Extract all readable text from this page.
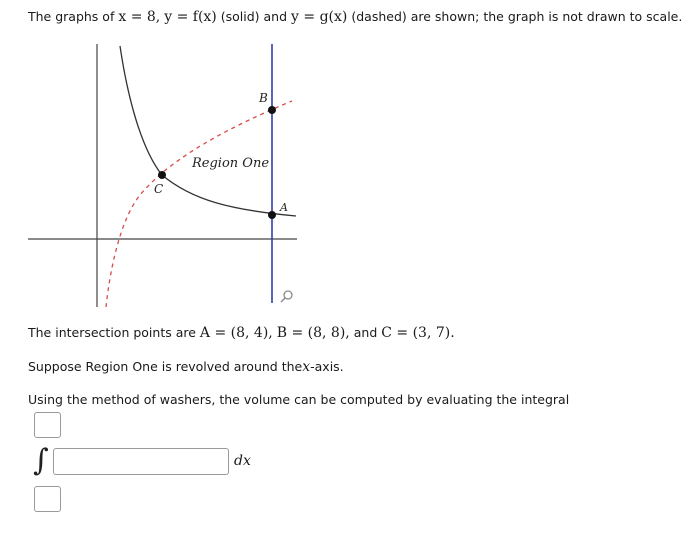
The graphs of x = 8, y = f(x) (solid) and y = g(x) (dashed) are shown; the graph is not drawn to scale.
B
Region One
C
A
The intersection points are A = (8, 4), B = (8, 8), and C = (3, 7).
Suppose Region One is revolved around thex-axis.
Using the method of washers, the volume can be computed by evaluating the integral
∫	dx
